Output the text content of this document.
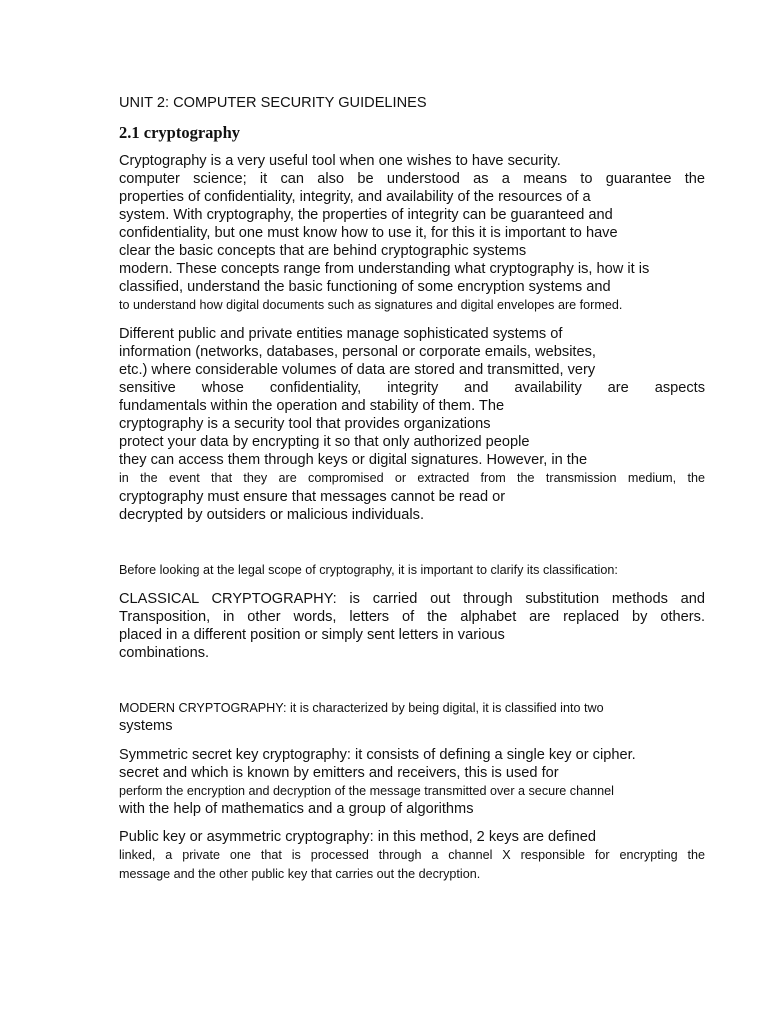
UNIT 2: COMPUTER SECURITY GUIDELINES
2.1 cryptography
Cryptography is a very useful tool when one wishes to have security.
computer science; it can also be understood as a means to guarantee the
properties of confidentiality, integrity, and availability of the resources of a
system. With cryptography, the properties of integrity can be guaranteed and
confidentiality, but one must know how to use it, for this it is important to have
clear the basic concepts that are behind cryptographic systems
modern. These concepts range from understanding what cryptography is, how it is
classified, understand the basic functioning of some encryption systems and
to understand how digital documents such as signatures and digital envelopes are formed.
Different public and private entities manage sophisticated systems of
information (networks, databases, personal or corporate emails, websites,
etc.) where considerable volumes of data are stored and transmitted, very
sensitive whose confidentiality, integrity and availability are aspects
fundamentals within the operation and stability of them. The
cryptography is a security tool that provides organizations
protect your data by encrypting it so that only authorized people
they can access them through keys or digital signatures. However, in the
in the event that they are compromised or extracted from the transmission medium, the
cryptography must ensure that messages cannot be read or
decrypted by outsiders or malicious individuals.
Before looking at the legal scope of cryptography, it is important to clarify its classification:
CLASSICAL CRYPTOGRAPHY: is carried out through substitution methods and
Transposition, in other words, letters of the alphabet are replaced by others.
placed in a different position or simply sent letters in various
combinations.
MODERN CRYPTOGRAPHY: it is characterized by being digital, it is classified into two
systems
Symmetric secret key cryptography: it consists of defining a single key or cipher.
secret and which is known by emitters and receivers, this is used for
perform the encryption and decryption of the message transmitted over a secure channel
with the help of mathematics and a group of algorithms
Public key or asymmetric cryptography: in this method, 2 keys are defined
linked, a private one that is processed through a channel X responsible for encrypting the
message and the other public key that carries out the decryption.
